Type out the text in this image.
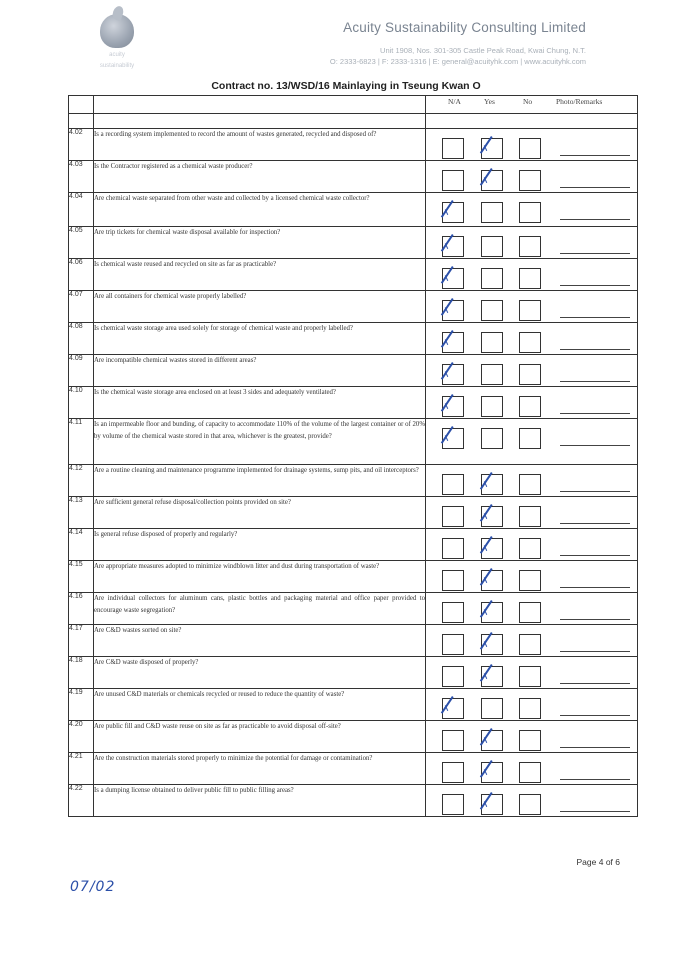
acuity
sustainability
Acuity Sustainability Consulting Limited
Unit 1908, Nos. 301-305 Castle Peak Road, Kwai Chung, N.T.
O: 2333-6823 | F: 2333-1316 | E: general@acuityhk.com | www.acuityhk.com
Contract no. 13/WSD/16 Mainlaying in Tseung Kwan O

		N/A Yes No Photo/Remarks

4.02	Is a recording system implemented to record the amount of wastes generated, recycled and disposed of?	

4.03	Is the Contractor registered as a chemical waste producer?	

4.04	Are chemical waste separated from other waste and collected by a licensed chemical waste collector?	

4.05	Are trip tickets for chemical waste disposal available for inspection?	

4.06	Is chemical waste reused and recycled on site as far as practicable?	

4.07	Are all containers for chemical waste properly labelled?	

4.08	Is chemical waste storage area used solely for storage of chemical waste and properly labelled?	

4.09	Are incompatible chemical wastes stored in different areas?	

4.10	Is the chemical waste storage area enclosed on at least 3 sides and adequately ventilated?	

4.11	Is an impermeable floor and bunding, of capacity to accommodate 110% of the volume of the largest container or of 20% by volume of the chemical waste stored in that area, whichever is the greatest, provide?	

4.12	Are a routine cleaning and maintenance programme implemented for drainage systems, sump pits, and oil interceptors?	

4.13	Are sufficient general refuse disposal/collection points provided on site?	

4.14	Is general refuse disposed of properly and regularly?	

4.15	Are appropriate measures adopted to minimize windblown litter and dust during transportation of waste?	

4.16	Are individual collectors for aluminum cans, plastic bottles and packaging material and office paper provided to encourage waste segregation?	

4.17	Are C&D wastes sorted on site?	

4.18	Are C&D waste disposed of properly?	

4.19	Are unused C&D materials or chemicals recycled or reused to reduce the quantity of waste?	

4.20	Are public fill and C&D waste reuse on site as far as practicable to avoid disposal off-site?	

4.21	Are the construction materials stored properly to minimize the potential for damage or contamination?	

4.22	Is a dumping license obtained to deliver public fill to public filling areas?	
Page 4 of 6
07/02
